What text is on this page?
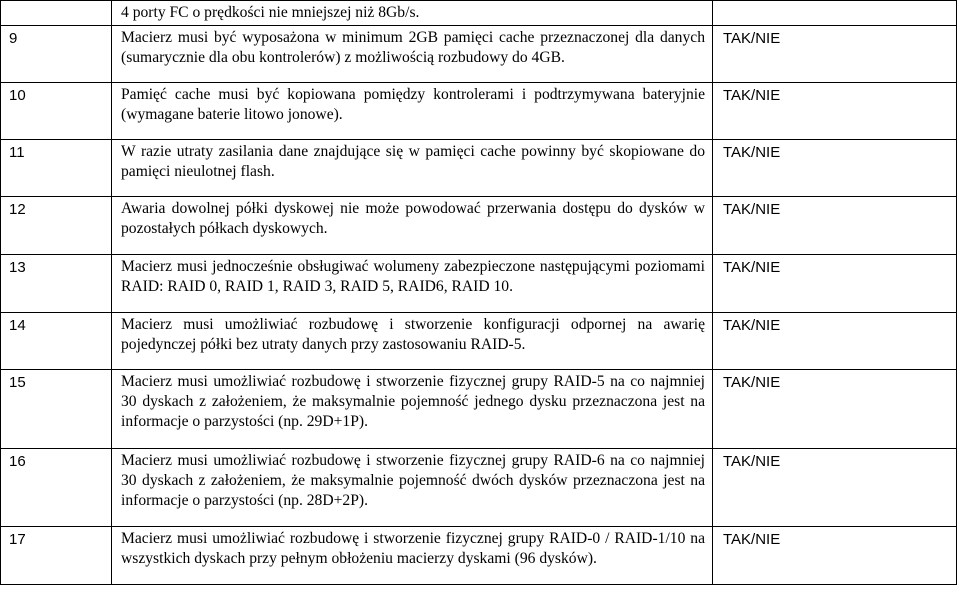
	4 porty FC o prędkości nie mniejszej niż 8Gb/s.	
9	Macierz musi być wyposażona w minimum 2GB pamięci cache przeznaczonej dla danych (sumarycznie dla obu kontrolerów) z możliwością rozbudowy do 4GB.	TAK/NIE
10	Pamięć cache musi być kopiowana pomiędzy kontrolerami i podtrzymywana bateryjnie (wymagane baterie litowo jonowe).	TAK/NIE
11	W razie utraty zasilania dane znajdujące się w pamięci cache powinny być skopiowane do pamięci nieulotnej flash.	TAK/NIE
12	Awaria dowolnej półki dyskowej nie może powodować przerwania dostępu do dysków w pozostałych półkach dyskowych.	TAK/NIE
13	Macierz musi jednocześnie obsługiwać wolumeny zabezpieczone następującymi poziomami RAID: RAID 0, RAID 1, RAID 3, RAID 5, RAID6, RAID 10.	TAK/NIE
14	Macierz musi umożliwiać rozbudowę i stworzenie konfiguracji odpornej na awarię pojedynczej półki bez utraty danych przy zastosowaniu RAID-5.	TAK/NIE
15	Macierz musi umożliwiać rozbudowę i stworzenie fizycznej grupy RAID-5 na co najmniej 30 dyskach z założeniem, że maksymalnie pojemność jednego dysku przeznaczona jest na informacje o parzystości (np. 29D+1P).	TAK/NIE
16	Macierz musi umożliwiać rozbudowę i stworzenie fizycznej grupy RAID-6 na co najmniej 30 dyskach z założeniem, że maksymalnie pojemność dwóch dysków przeznaczona jest na informacje o parzystości (np. 28D+2P).	TAK/NIE
17	Macierz musi umożliwiać rozbudowę i stworzenie fizycznej grupy RAID-0 / RAID-1/10 na wszystkich dyskach przy pełnym obłożeniu macierzy dyskami (96 dysków).	TAK/NIE
